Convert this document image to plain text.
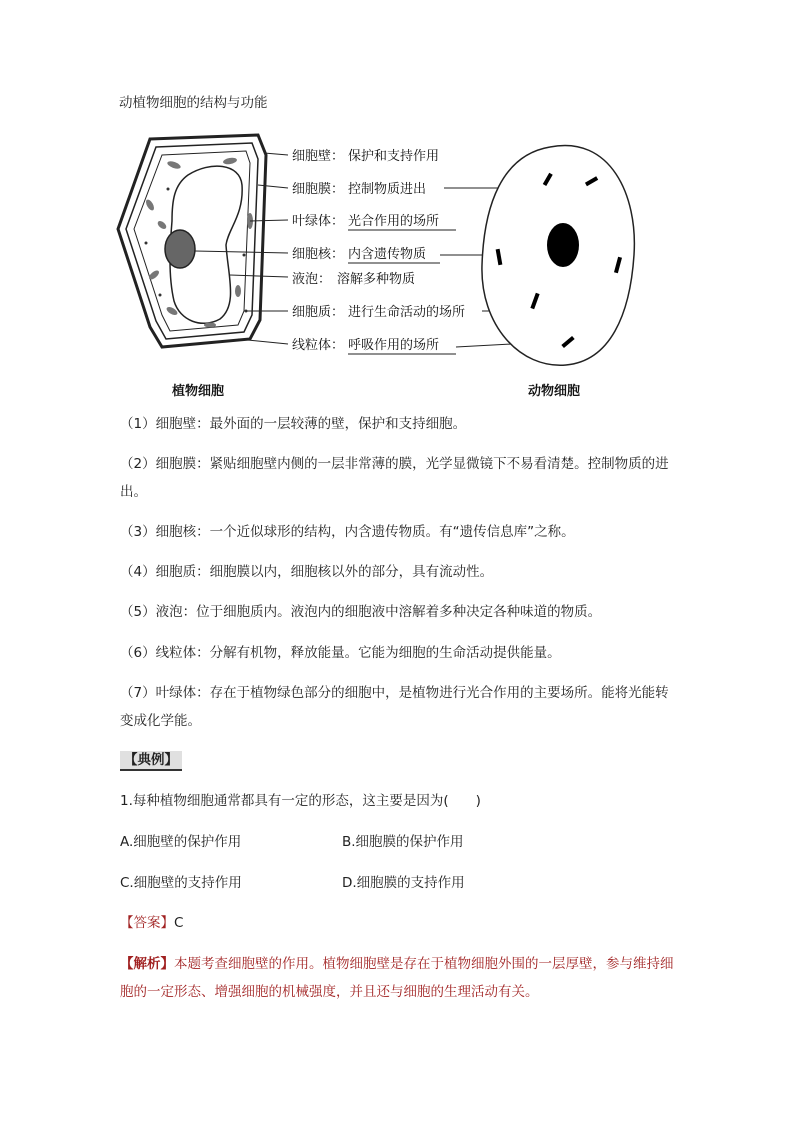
动植物细胞的结构与功能
细胞壁： 保护和支持作用
细胞膜： 控制物质进出
叶绿体： 光合作用的场所
细胞核： 内含遗传物质
液泡： 溶解多种物质
细胞质： 进行生命活动的场所
线粒体： 呼吸作用的场所
植物细胞	动物细胞
（1）细胞壁：最外面的一层较薄的壁，保护和支持细胞。
（2）细胞膜：紧贴细胞壁内侧的一层非常薄的膜，光学显微镜下不易看清楚。控制物质的进出。
（3）细胞核：一个近似球形的结构，内含遗传物质。有“遗传信息库”之称。
（4）细胞质：细胞膜以内，细胞核以外的部分，具有流动性。
（5）液泡：位于细胞质内。液泡内的细胞液中溶解着多种决定各种味道的物质。
（6）线粒体：分解有机物，释放能量。它能为细胞的生命活动提供能量。
（7）叶绿体：存在于植物绿色部分的细胞中，是植物进行光合作用的主要场所。能将光能转变成化学能。
【典例】
1.每种植物细胞通常都具有一定的形态，这主要是因为(　　)
A.细胞壁的保护作用	B.细胞膜的保护作用
C.细胞壁的支持作用	D.细胞膜的支持作用
【答案】C
【解析】本题考查细胞壁的作用。植物细胞壁是存在于植物细胞外围的一层厚壁，参与维持细胞的一定形态、增强细胞的机械强度，并且还与细胞的生理活动有关。
